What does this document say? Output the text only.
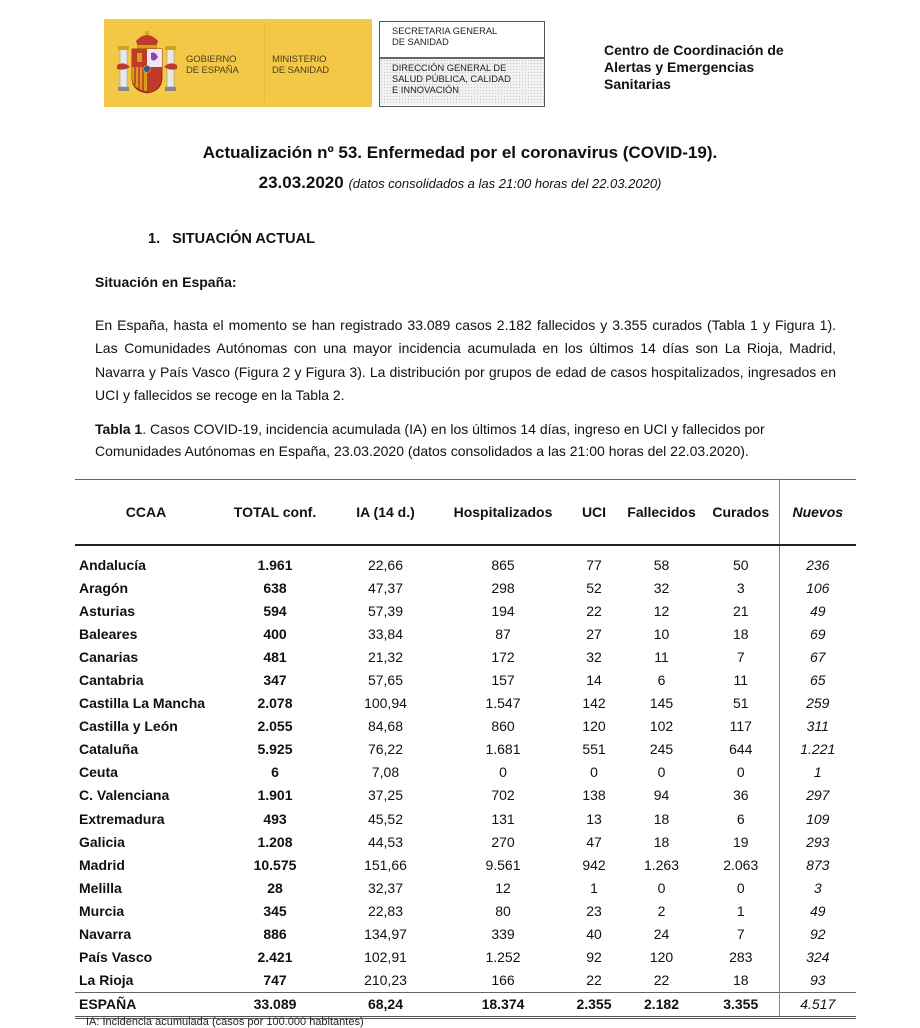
GOBIERNO
DE ESPAÑA
MINISTERIO
DE SANIDAD
SECRETARIA GENERAL
DE SANIDAD
DIRECCIÓN GENERAL DE
SALUD PÚBLICA, CALIDAD
E INNOVACIÓN
Centro de Coordinación de
Alertas y Emergencias
Sanitarias
Actualización nº 53. Enfermedad por el coronavirus (COVID-19).
23.03.2020 (datos consolidados a las 21:00 horas del 22.03.2020)
1. SITUACIÓN ACTUAL
Situación en España:
En España, hasta el momento se han registrado 33.089 casos 2.182 fallecidos y 3.355 curados (Tabla 1 y Figura 1). Las Comunidades Autónomas con una mayor incidencia acumulada en los últimos 14 días son La Rioja, Madrid, Navarra y País Vasco (Figura 2 y Figura 3). La distribución por grupos de edad de casos hospitalizados, ingresados en UCI y fallecidos se recoge en la Tabla 2.
Tabla 1. Casos COVID-19, incidencia acumulada (IA) en los últimos 14 días, ingreso en UCI y fallecidos por Comunidades Autónomas en España, 23.03.2020 (datos consolidados a las 21:00 horas del 22.03.2020).
CCAA	TOTAL conf.	IA (14 d.)	Hospitalizados	UCI	Fallecidos	Curados	Nuevos

Andalucía	1.961	22,66	865	77	58	50	236
Aragón	638	47,37	298	52	32	3	106
Asturias	594	57,39	194	22	12	21	49
Baleares	400	33,84	87	27	10	18	69
Canarias	481	21,32	172	32	11	7	67
Cantabria	347	57,65	157	14	6	11	65
Castilla La Mancha	2.078	100,94	1.547	142	145	51	259
Castilla y León	2.055	84,68	860	120	102	117	311
Cataluña	5.925	76,22	1.681	551	245	644	1.221
Ceuta	6	7,08	0	0	0	0	1
C. Valenciana	1.901	37,25	702	138	94	36	297
Extremadura	493	45,52	131	13	18	6	109
Galicia	1.208	44,53	270	47	18	19	293
Madrid	10.575	151,66	9.561	942	1.263	2.063	873
Melilla	28	32,37	12	1	0	0	3
Murcia	345	22,83	80	23	2	1	49
Navarra	886	134,97	339	40	24	7	92
País Vasco	2.421	102,91	1.252	92	120	283	324
La Rioja	747	210,23	166	22	22	18	93
ESPAÑA	33.089	68,24	18.374	2.355	2.182	3.355	4.517
IA: Incidencia acumulada (casos por 100.000 habitantes)
